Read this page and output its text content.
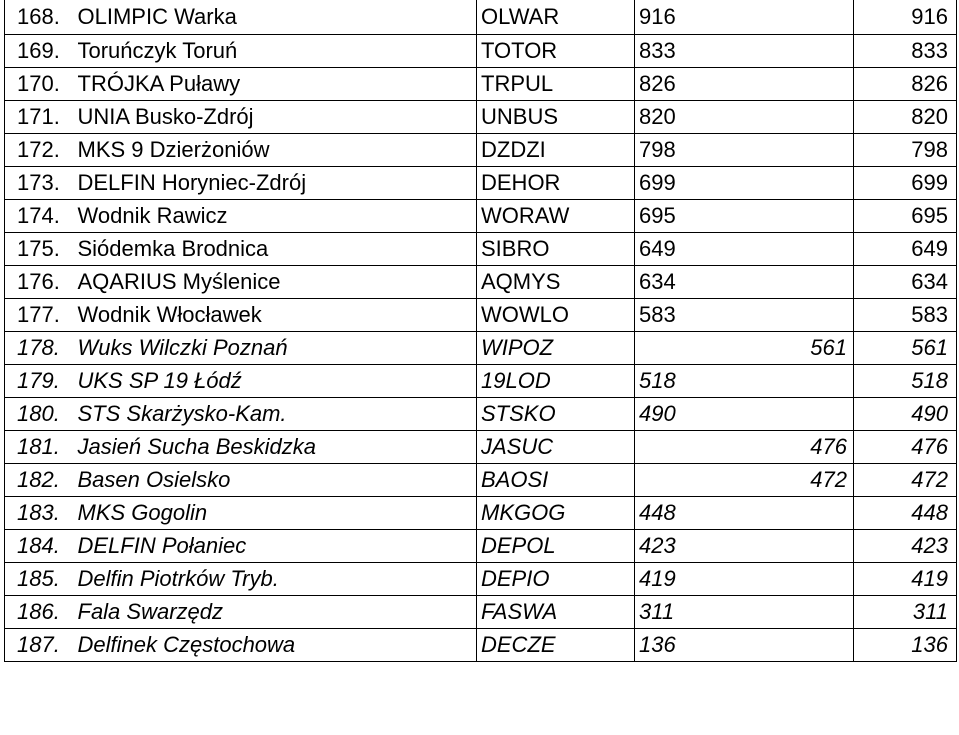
168.	OLIMPIC Warka	OLWAR	916		916
169.	Toruńczyk Toruń	TOTOR	833		833
170.	TRÓJKA Puławy	TRPUL	826		826
171.	UNIA Busko-Zdrój	UNBUS	820		820
172.	MKS 9 Dzierżoniów	DZDZI	798		798
173.	DELFIN Horyniec-Zdrój	DEHOR	699		699
174.	Wodnik Rawicz	WORAW	695		695
175.	Siódemka Brodnica	SIBRO	649		649
176.	AQARIUS Myślenice	AQMYS	634		634
177.	Wodnik Włocławek	WOWLO	583		583
178.	Wuks Wilczki Poznań	WIPOZ		561	561
179.	UKS SP 19 Łódź	19LOD	518		518
180.	STS Skarżysko-Kam.	STSKO	490		490
181.	Jasień Sucha Beskidzka	JASUC		476	476
182.	Basen Osielsko	BAOSI		472	472
183.	MKS Gogolin	MKGOG	448		448
184.	DELFIN Połaniec	DEPOL	423		423
185.	Delfin Piotrków Tryb.	DEPIO	419		419
186.	Fala Swarzędz	FASWA	311		311
187.	Delfinek Częstochowa	DECZE	136		136
